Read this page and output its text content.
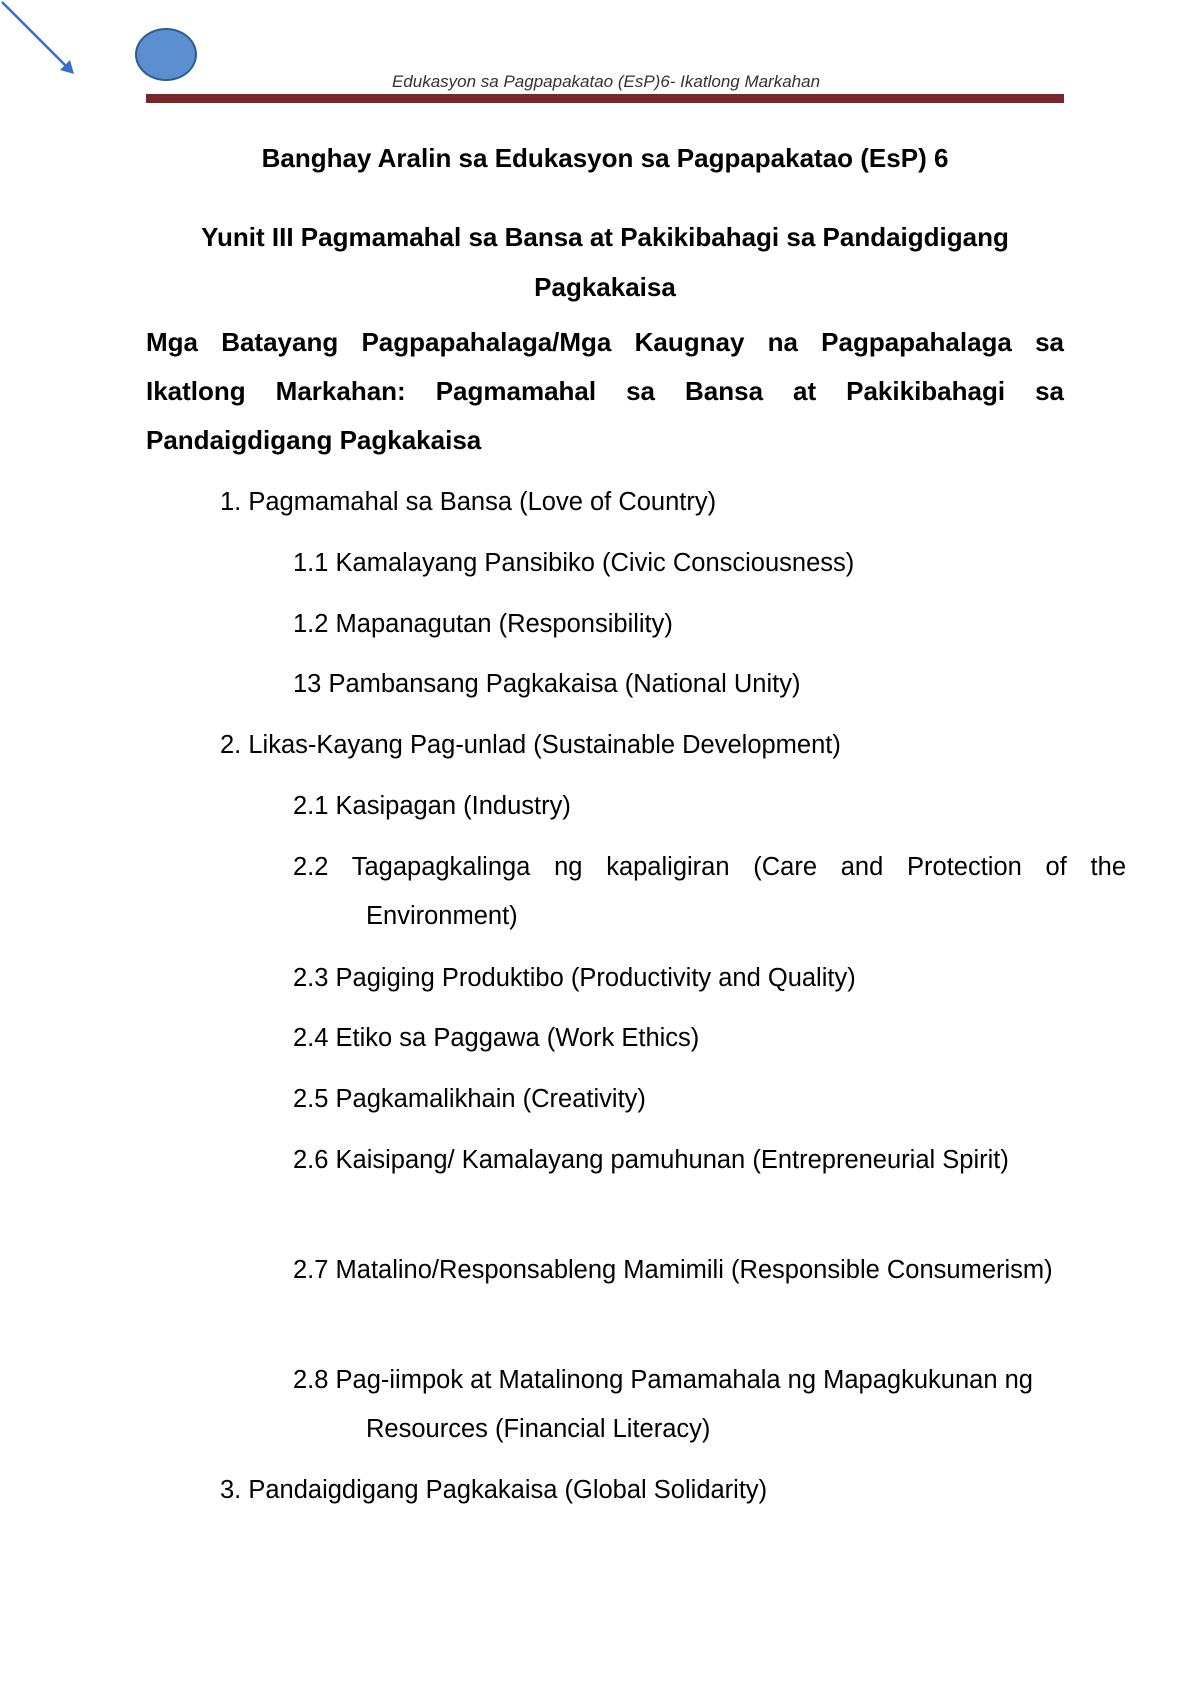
Edukasyon sa Pagpapakatao (EsP)6- Ikatlong Markahan
Banghay Aralin sa Edukasyon sa Pagpapakatao (EsP) 6
Yunit III Pagmamahal sa Bansa at Pakikibahagi sa Pandaigdigang Pagkakaisa
Mga Batayang Pagpapahalaga/Mga Kaugnay na Pagpapahalaga sa Ikatlong Markahan: Pagmamahal sa Bansa at Pakikibahagi sa Pandaigdigang Pagkakaisa
1. Pagmamahal sa Bansa (Love of Country)
1.1 Kamalayang Pansibiko (Civic Consciousness)
1.2 Mapanagutan (Responsibility)
13 Pambansang Pagkakaisa (National Unity)
2. Likas-Kayang Pag-unlad (Sustainable Development)
2.1 Kasipagan (Industry)
2.2 Tagapagkalinga ng kapaligiran (Care and Protection of the Environment)
2.3 Pagiging Produktibo (Productivity and Quality)
2.4 Etiko sa Paggawa (Work Ethics)
2.5 Pagkamalikhain (Creativity)
2.6 Kaisipang/ Kamalayang pamuhunan (Entrepreneurial Spirit)
2.7 Matalino/Responsableng Mamimili (Responsible Consumerism)
2.8 Pag-iimpok at Matalinong Pamamahala ng Mapagkukunan ng Resources (Financial Literacy)
3. Pandaigdigang Pagkakaisa (Global Solidarity)
